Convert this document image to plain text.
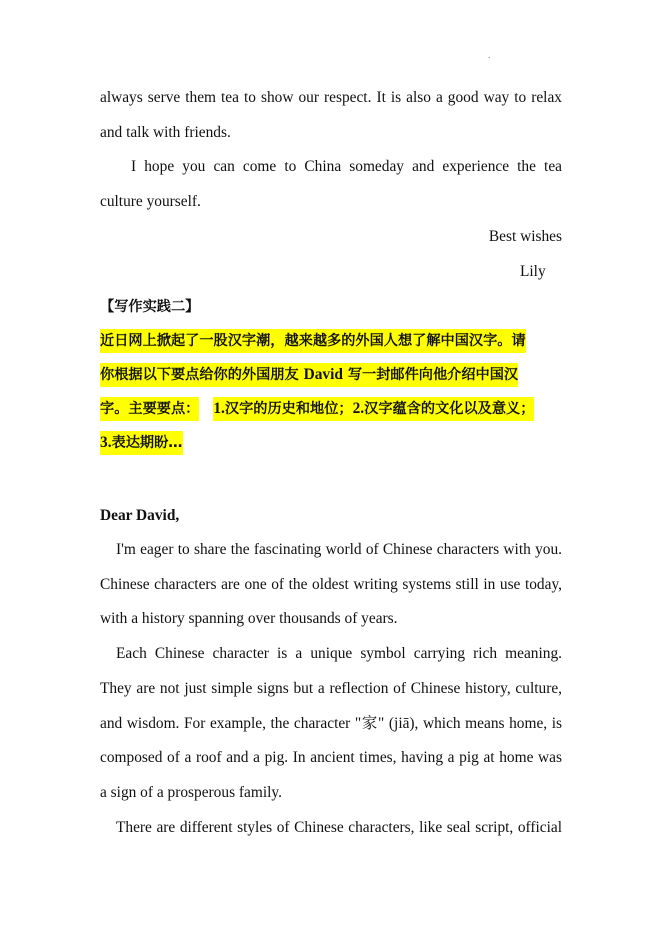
.
always serve them tea to show our respect. It is also a good way to relax
and talk with friends.
I hope you can come to China someday and experience the tea
culture yourself.
Best wishes
Lily
【写作实践二】
近日网上掀起了一股汉字潮，越来越多的外国人想了解中国汉字。请
你根据以下要点给你的外国朋友 David 写一封邮件向他介绍中国汉
字。主要要点： 1.汉字的历史和地位；2.汉字蕴含的文化以及意义；
3.表达期盼…
Dear David,
I'm eager to share the fascinating world of Chinese characters with you.
Chinese characters are one of the oldest writing systems still in use today,
with a history spanning over thousands of years.
Each Chinese character is a unique symbol carrying rich meaning.
They are not just simple signs but a reflection of Chinese history, culture,
and wisdom. For example, the character "家" (jiā), which means home, is
composed of a roof and a pig. In ancient times, having a pig at home was
a sign of a prosperous family.
There are different styles of Chinese characters, like seal script, official
